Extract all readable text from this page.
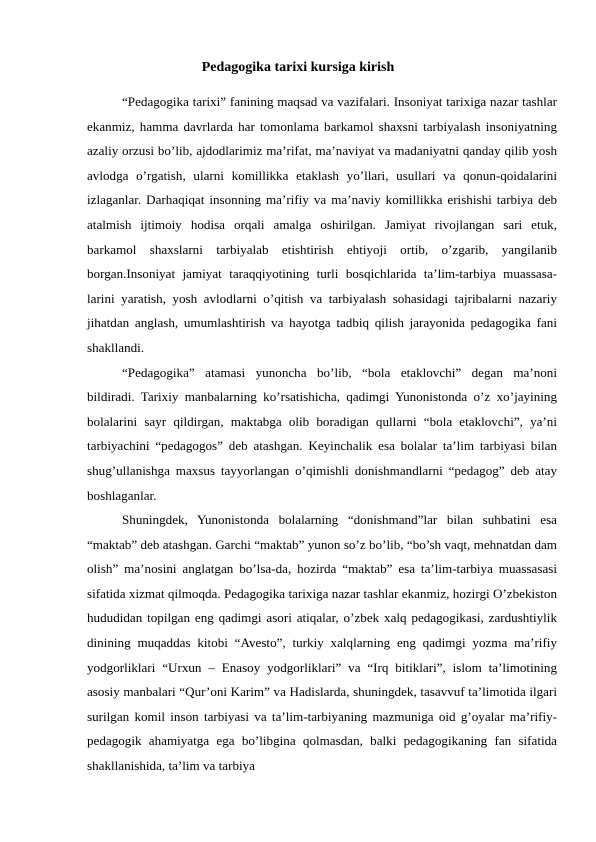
Pedagogika tarixi kursiga kirish

“Pedagogika tarixi” fanining maqsad va vazifalari. Insoniyat tarixiga nazar tashlar ekanmiz, hamma davrlarda har tomonlama barkamol shaxsni tarbiyalash insoniyatning azaliy orzusi bo’lib, ajdodlarimiz ma’rifat, ma’naviyat va madaniyatni qanday qilib yosh avlodga o’rgatish, ularni komillikka etaklash yo’llari, usullari va qonun-qoidalarini izlaganlar. Darhaqiqat insonning ma’rifiy va ma’naviy komillikka erishishi tarbiya deb atalmish ijtimoiy hodisa orqali amalga oshirilgan. Jamiyat rivojlangan sari etuk, barkamol shaxslarni tarbiyalab etishtirish ehtiyoji ortib, o’zgarib, yangilanib borgan.Insoniyat jamiyat taraqqiyotining turli bosqichlarida ta’lim-tarbiya muassasa-larini yaratish, yosh avlodlarni o’qitish va tarbiyalash sohasidagi tajribalarni nazariy jihatdan anglash, umumlashtirish va hayotga tadbiq qilish jarayonida pedagogika fani shakllandi.

“Pedagogika” atamasi yunoncha bo’lib, “bola etaklovchi” degan ma’noni bildiradi. Tarixiy manbalarning ko’rsatishicha, qadimgi Yunonistonda o’z xo’jayining bolalarini sayr qildirgan, maktabga olib boradigan qullarni “bola etaklovchi”, ya’ni tarbiyachini “pedagogos” deb atashgan. Keyinchalik esa bolalar ta’lim tarbiyasi bilan shug’ullanishga maxsus tayyorlangan o’qimishli donishmandlarni “pedagog” deb atay boshlaganlar.

Shuningdek, Yunonistonda bolalarning “donishmand”lar bilan suhbatini esa “maktab” deb atashgan. Garchi “maktab” yunon so’z bo’lib, “bo’sh vaqt, mehnatdan dam olish” ma’nosini anglatgan bo’lsa-da, hozirda “maktab” esa ta’lim-tarbiya muassasasi sifatida xizmat qilmoqda. Pedagogika tarixiga nazar tashlar ekanmiz, hozirgi O’zbekiston hududidan topilgan eng qadimgi asori atiqalar, o’zbek xalq pedagogikasi, zardushtiylik dinining muqaddas kitobi “Avesto”, turkiy xalqlarning eng qadimgi yozma ma’rifiy yodgorliklari “Urxun – Enasoy yodgorliklari” va “Irq bitiklari”, islom ta’limotining asosiy manbalari “Qur’oni Karim” va Hadislarda, shuningdek, tasavvuf ta’limotida ilgari surilgan komil inson tarbiyasi va ta’lim-tarbiyaning mazmuniga oid g’oyalar ma’rifiy-pedagogik ahamiyatga ega bo’libgina qolmasdan, balki pedagogikaning fan sifatida shakllanishida, ta’lim va tarbiya
